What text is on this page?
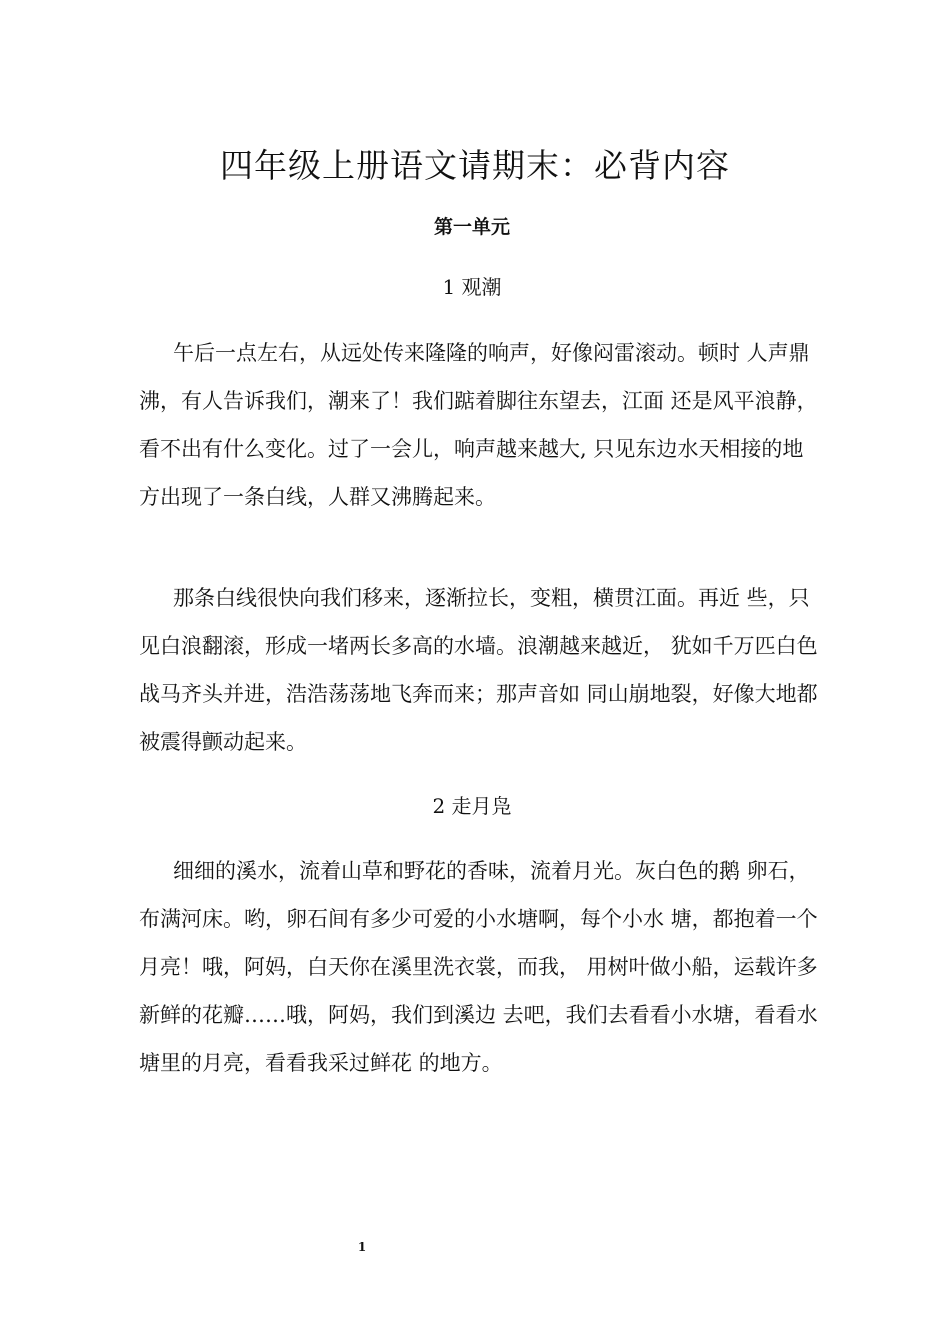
四年级上册语文请期末：必背内容
第一单元
1 观潮

午后一点左右，从远处传来隆隆的响声，好像闷雷滚动。顿时 人声鼎沸，有人告诉我们，潮来了！我们踮着脚往东望去，江面 还是风平浪静，看不出有什么变化。过了一会儿，响声越来越大, 只见东边水天相接的地方出现了一条白线，人群又沸腾起来。

那条白线很快向我们移来，逐渐拉长，变粗，横贯江面。再近 些，只见白浪翻滚，形成一堵两长多高的水墙。浪潮越来越近， 犹如千万匹白色战马齐头并进，浩浩荡荡地飞奔而来；那声音如 同山崩地裂，好像大地都被震得颤动起来。

2 走月凫

细细的溪水，流着山草和野花的香味，流着月光。灰白色的鹅 卵石，布满河床。哟，卵石间有多少可爱的小水塘啊，每个小水 塘，都抱着一个月亮！哦，阿妈，白天你在溪里洗衣裳，而我， 用树叶做小船，运载许多新鲜的花瓣……哦，阿妈，我们到溪边 去吧，我们去看看小水塘，看看水塘里的月亮，看看我采过鲜花 的地方。

1
